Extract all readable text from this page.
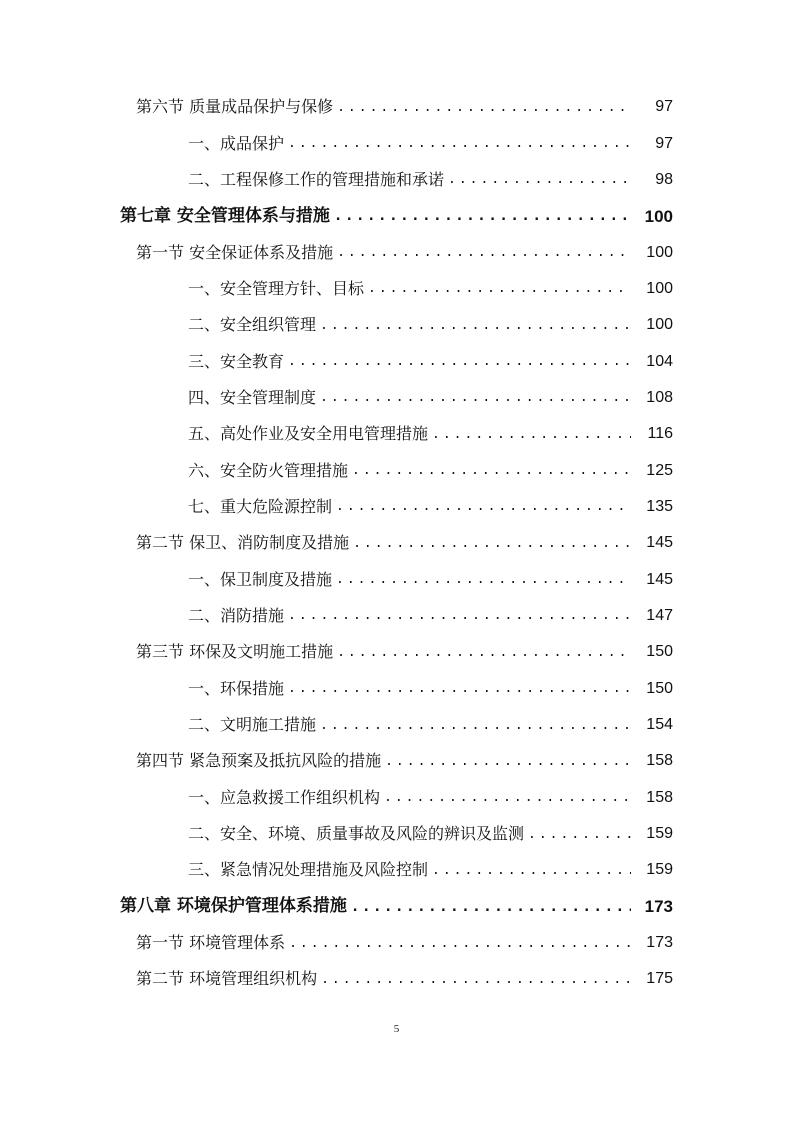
第六节 质量成品保护与保修 .....	97
一、成品保护 .....	97
二、工程保修工作的管理措施和承诺 .....	98
第七章 安全管理体系与措施 .....	100
第一节 安全保证体系及措施 .....	100
一、安全管理方针、目标 .....	100
二、安全组织管理 .....	100
三、安全教育 .....	104
四、安全管理制度 .....	108
五、高处作业及安全用电管理措施 .....	116
六、安全防火管理措施 .....	125
七、重大危险源控制 .....	135
第二节 保卫、消防制度及措施 .....	145
一、保卫制度及措施 .....	145
二、消防措施 .....	147
第三节 环保及文明施工措施 .....	150
一、环保措施 .....	150
二、文明施工措施 .....	154
第四节 紧急预案及抵抗风险的措施 .....	158
一、应急救援工作组织机构 .....	158
二、安全、环境、质量事故及风险的辨识及监测 .....	159
三、紧急情况处理措施及风险控制 .....	159
第八章 环境保护管理体系措施 .....	173
第一节 环境管理体系 .....	173
第二节 环境管理组织机构 .....	175
5
